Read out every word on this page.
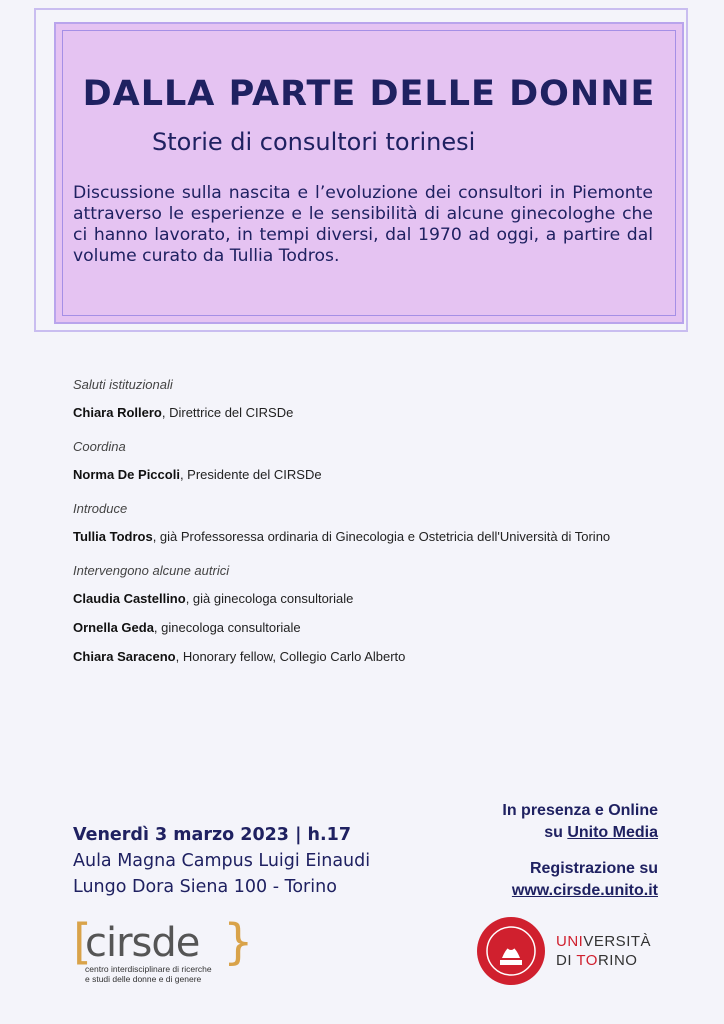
DALLA PARTE DELLE DONNE
Storie di consultori torinesi

Discussione sulla nascita e l’evoluzione dei consultori in Piemonte attraverso le esperienze e le sensibilità di alcune ginecologhe che ci hanno lavorato, in tempi diversi, dal 1970 ad oggi, a partire dal volume curato da Tullia Todros.

Saluti istituzionali

Chiara Rollero, Direttrice del CIRSDe

Coordina

Norma De Piccoli, Presidente del CIRSDe

Introduce

Tullia Todros, già Professoressa ordinaria di Ginecologia e Ostetricia dell'Università di Torino

Intervengono alcune autrici

Claudia Castellino, già ginecologa consultoriale

Ornella Geda, ginecologa consultoriale

Chiara Saraceno, Honorary fellow, Collegio Carlo Alberto

Venerdì 3 marzo 2023 | h.17
Aula Magna Campus Luigi Einaudi
Lungo Dora Siena 100 - Torino
In presenza e Online
su Unito Media
Registrazione su
www.cirsde.unito.it
[
cirsde }
centro interdisciplinare di ricerche
e studi delle donne e di genere
UNIVERSITÀ
DI TORINO
